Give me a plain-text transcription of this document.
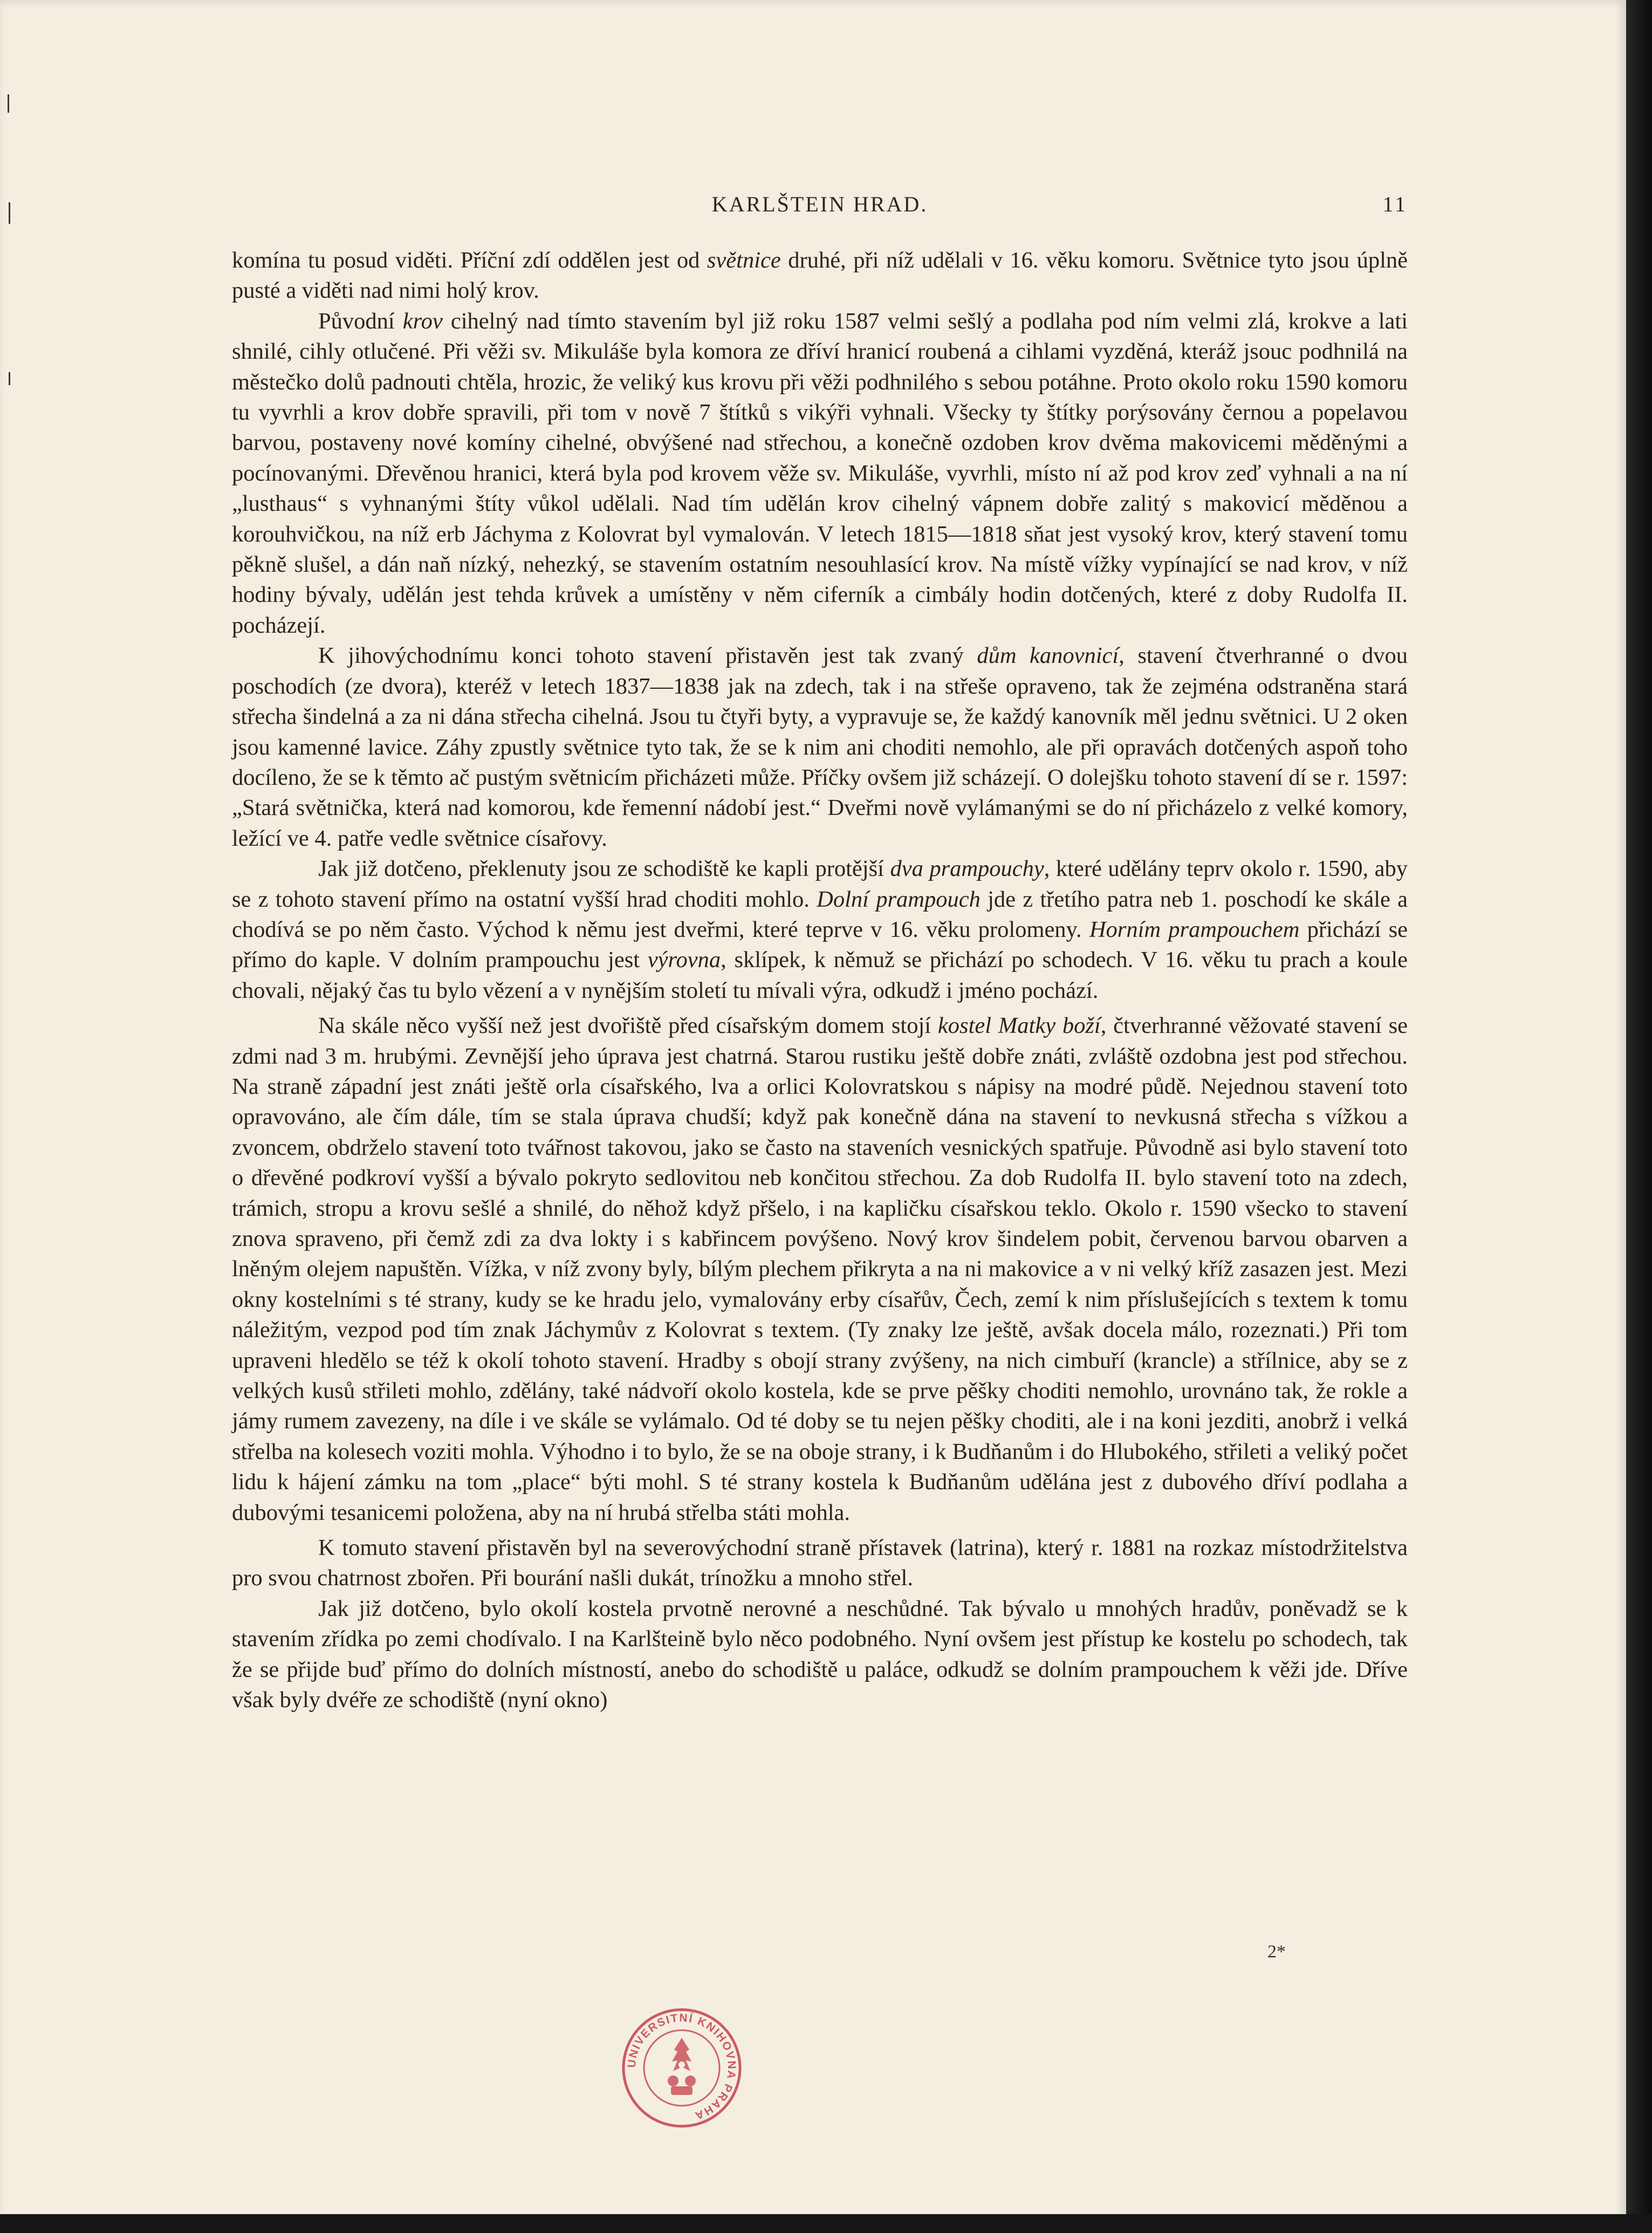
KARLŠTEIN HRAD.	11

komína tu posud viděti. Příční zdí oddělen jest od světnice druhé, při níž udělali v 16. věku komoru. Světnice tyto jsou úplně pusté a viděti nad nimi holý krov.

Původní krov cihelný nad tímto stavením byl již roku 1587 velmi sešlý a podlaha pod ním velmi zlá, krokve a lati shnilé, cihly otlučené. Při věži sv. Mikuláše byla komora ze dříví hranicí roubená a cihlami vyzděná, kteráž jsouc podhnilá na městečko dolů padnouti chtěla, hrozic, že veliký kus krovu při věži podhnilého s sebou potáhne. Proto okolo roku 1590 komoru tu vyvrhli a krov dobře spravili, při tom v nově 7 štítků s vikýři vyhnali. Všecky ty štítky porýsovány černou a popelavou barvou, postaveny nové komíny cihelné, obvýšené nad střechou, a konečně ozdoben krov dvěma makovicemi měděnými a pocínovanými. Dřevěnou hranici, která byla pod krovem věže sv. Mikuláše, vyvrhli, místo ní až pod krov zeď vyhnali a na ní „lusthaus“ s vyhnanými štíty vůkol udělali. Nad tím udělán krov cihelný vápnem dobře zalitý s makovicí měděnou a korouhvičkou, na níž erb Jáchyma z Kolovrat byl vymalován. V letech 1815—1818 sňat jest vysoký krov, který stavení tomu pěkně slušel, a dán naň nízký, nehezký, se stavením ostatním nesouhlasící krov. Na místě vížky vypínající se nad krov, v níž hodiny bývaly, udělán jest tehda krůvek a umístěny v něm ciferník a cimbály hodin dotčených, které z doby Rudolfa II. pocházejí.

K jihovýchodnímu konci tohoto stavení přistavěn jest tak zvaný dům kanovnicí, stavení čtverhranné o dvou poschodích (ze dvora), kteréž v letech 1837—1838 jak na zdech, tak i na střeše opraveno, tak že zejména odstraněna stará střecha šindelná a za ni dána střecha cihelná. Jsou tu čtyři byty, a vypravuje se, že každý kanovník měl jednu světnici. U 2 oken jsou kamenné lavice. Záhy zpustly světnice tyto tak, že se k nim ani choditi nemohlo, ale při opravách dotčených aspoň toho docíleno, že se k těmto ač pustým světnicím přicházeti může. Příčky ovšem již scházejí. O dolejšku tohoto stavení dí se r. 1597: „Stará světnička, která nad komorou, kde řemenní nádobí jest.“ Dveřmi nově vylámanými se do ní přicházelo z velké komory, ležící ve 4. patře vedle světnice císařovy.

Jak již dotčeno, překlenuty jsou ze schodiště ke kapli protější dva prampouchy, které udělány teprv okolo r. 1590, aby se z tohoto stavení přímo na ostatní vyšší hrad choditi mohlo. Dolní prampouch jde z třetího patra neb 1. poschodí ke skále a chodívá se po něm často. Východ k němu jest dveřmi, které teprve v 16. věku prolomeny. Horním prampouchem přichází se přímo do kaple. V dolním prampouchu jest výrovna, sklípek, k němuž se přichází po schodech. V 16. věku tu prach a koule chovali, nějaký čas tu bylo vězení a v nynějším století tu mívali výra, odkudž i jméno pochází.

Na skále něco vyšší než jest dvořiště před císařským domem stojí kostel Matky boží, čtverhranné věžovaté stavení se zdmi nad 3 m. hrubými. Zevnější jeho úprava jest chatrná. Starou rustiku ještě dobře znáti, zvláště ozdobna jest pod střechou. Na straně západní jest znáti ještě orla císařského, lva a orlici Kolovratskou s nápisy na modré půdě. Nejednou stavení toto opravováno, ale čím dále, tím se stala úprava chudší; když pak konečně dána na stavení to nevkusná střecha s vížkou a zvoncem, obdrželo stavení toto tvářnost takovou, jako se často na staveních vesnických spatřuje. Původně asi bylo stavení toto o dřevěné podkroví vyšší a bývalo pokryto sedlovitou neb končitou střechou. Za dob Rudolfa II. bylo stavení toto na zdech, trámich, stropu a krovu sešlé a shnilé, do něhož když přšelo, i na kapličku císařskou teklo. Okolo r. 1590 všecko to stavení znova spraveno, při čemž zdi za dva lokty i s kabřincem povýšeno. Nový krov šindelem pobit, červenou barvou obarven a lněným olejem napuštěn. Vížka, v níž zvony byly, bílým plechem přikryta a na ni makovice a v ni velký kříž zasazen jest. Mezi okny kostelními s té strany, kudy se ke hradu jelo, vymalovány erby císařův, Čech, zemí k nim příslušejících s textem k tomu náležitým, vezpod pod tím znak Jáchymův z Kolovrat s textem. (Ty znaky lze ještě, avšak docela málo, rozeznati.) Při tom upraveni hledělo se též k okolí tohoto stavení. Hradby s obojí strany zvýšeny, na nich cimbuří (krancle) a střílnice, aby se z velkých kusů střileti mohlo, zdělány, také nádvoří okolo kostela, kde se prve pěšky choditi nemohlo, urovnáno tak, že rokle a jámy rumem zavezeny, na díle i ve skále se vylámalo. Od té doby se tu nejen pěšky choditi, ale i na koni jezditi, anobrž i velká střelba na kolesech voziti mohla. Výhodno i to bylo, že se na oboje strany, i k Budňanům i do Hlubokého, střileti a veliký počet lidu k hájení zámku na tom „place“ býti mohl. S té strany kostela k Budňanům udělána jest z dubového dříví podlaha a dubovými tesanicemi položena, aby na ní hrubá střelba státi mohla.

K tomuto stavení přistavěn byl na severovýchodní straně přístavek (latrina), který r. 1881 na rozkaz místodržitelstva pro svou chatrnost zbořen. Při bourání našli dukát, trínožku a mnoho střel.

Jak již dotčeno, bylo okolí kostela prvotně nerovné a neschůdné. Tak bývalo u mnohých hradův, poněvadž se k stavením zřídka po zemi chodívalo. I na Karlšteině bylo něco podobného. Nyní ovšem jest přístup ke kostelu po schodech, tak že se přijde buď přímo do dolních místností, anebo do schodiště u paláce, odkudž se dolním prampouchem k věži jde. Dříve však byly dvéře ze schodiště (nyní okno)

2*
UNIVERSITNÍ KNIHOVNA PRAHA
